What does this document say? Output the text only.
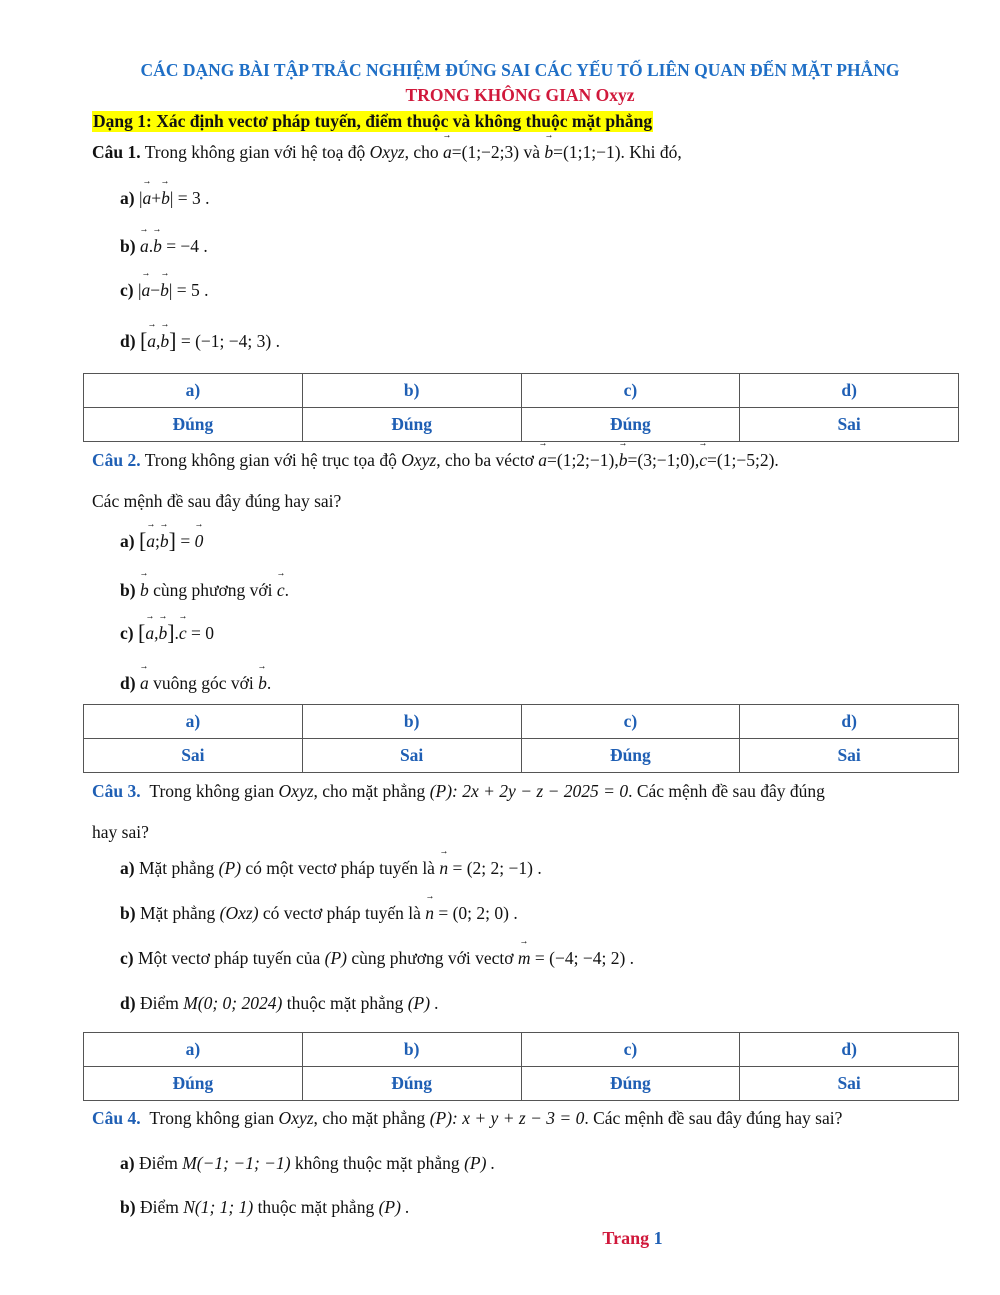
CÁC DẠNG BÀI TẬP TRẮC NGHIỆM ĐÚNG SAI CÁC YẾU TỐ LIÊN QUAN ĐẾN MẶT PHẲNG
TRONG KHÔNG GIAN Oxyz
Dạng 1: Xác định vectơ pháp tuyến, điểm thuộc và không thuộc mặt phẳng
Câu 1. Trong không gian với hệ toạ độ Oxyz, cho → a=(1;−2;3) và → b=(1;1;−1). Khi đó,
a) |→ a+→ b| = 3 .
b) → a.→ b = −4 .
c) |→ a−→ b| = 5 .
d) [→ a,→ b] = (−1; −4; 3) .
a)	b)	c)	d)
Đúng	Đúng	Đúng	Sai
Câu 2. Trong không gian với hệ trục tọa độ Oxyz, cho ba véctơ → a=(1;2;−1),→ b=(3;−1;0),→ c=(1;−5;2).
Các mệnh đề sau đây đúng hay sai?
a) [→ a;→ b] = → 0
b) → b cùng phương với → c.
c) [→ a,→ b].→ c = 0
d) → a vuông góc với → b.
a)	b)	c)	d)
Sai	Sai	Đúng	Sai
Câu 3. Trong không gian Oxyz, cho mặt phẳng (P): 2x + 2y − z − 2025 = 0. Các mệnh đề sau đây đúng
hay sai?
a) Mặt phẳng (P) có một vectơ pháp tuyến là → n = (2; 2; −1) .
b) Mặt phẳng (Oxz) có vectơ pháp tuyến là → n = (0; 2; 0) .
c) Một vectơ pháp tuyến của (P) cùng phương với vectơ → m = (−4; −4; 2) .
d) Điểm M(0; 0; 2024) thuộc mặt phẳng (P) .
a)	b)	c)	d)
Đúng	Đúng	Đúng	Sai
Câu 4. Trong không gian Oxyz, cho mặt phẳng (P): x + y + z − 3 = 0. Các mệnh đề sau đây đúng hay sai?
a) Điểm M(−1; −1; −1) không thuộc mặt phẳng (P) .
b) Điểm N(1; 1; 1) thuộc mặt phẳng (P) .
Trang 1
